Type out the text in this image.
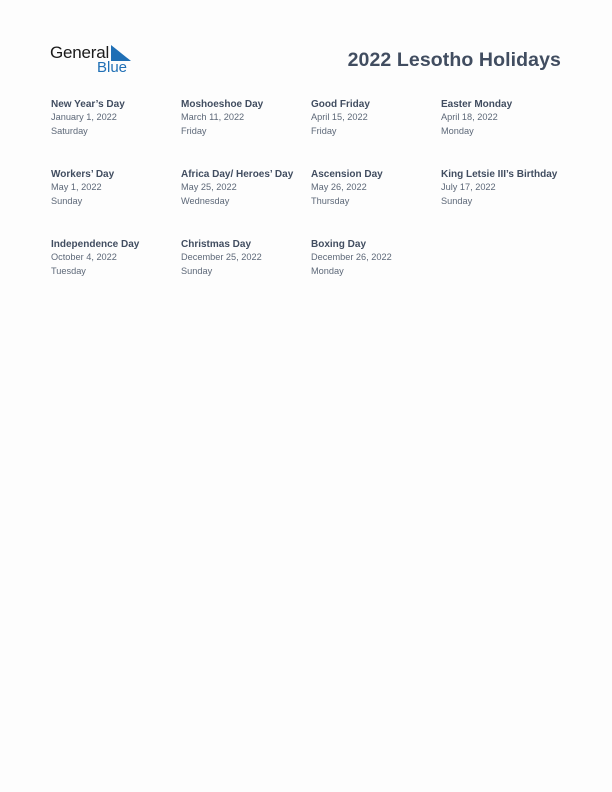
General
Blue	2022 Lesotho Holidays
New Year’s Day
January 1, 2022
Saturday
Moshoeshoe Day
March 11, 2022
Friday
Good Friday
April 15, 2022
Friday
Easter Monday
April 18, 2022
Monday
Workers’ Day
May 1, 2022
Sunday
Africa Day/ Heroes’ Day
May 25, 2022
Wednesday
Ascension Day
May 26, 2022
Thursday
King Letsie III’s Birthday
July 17, 2022
Sunday
Independence Day
October 4, 2022
Tuesday
Christmas Day
December 25, 2022
Sunday
Boxing Day
December 26, 2022
Monday
